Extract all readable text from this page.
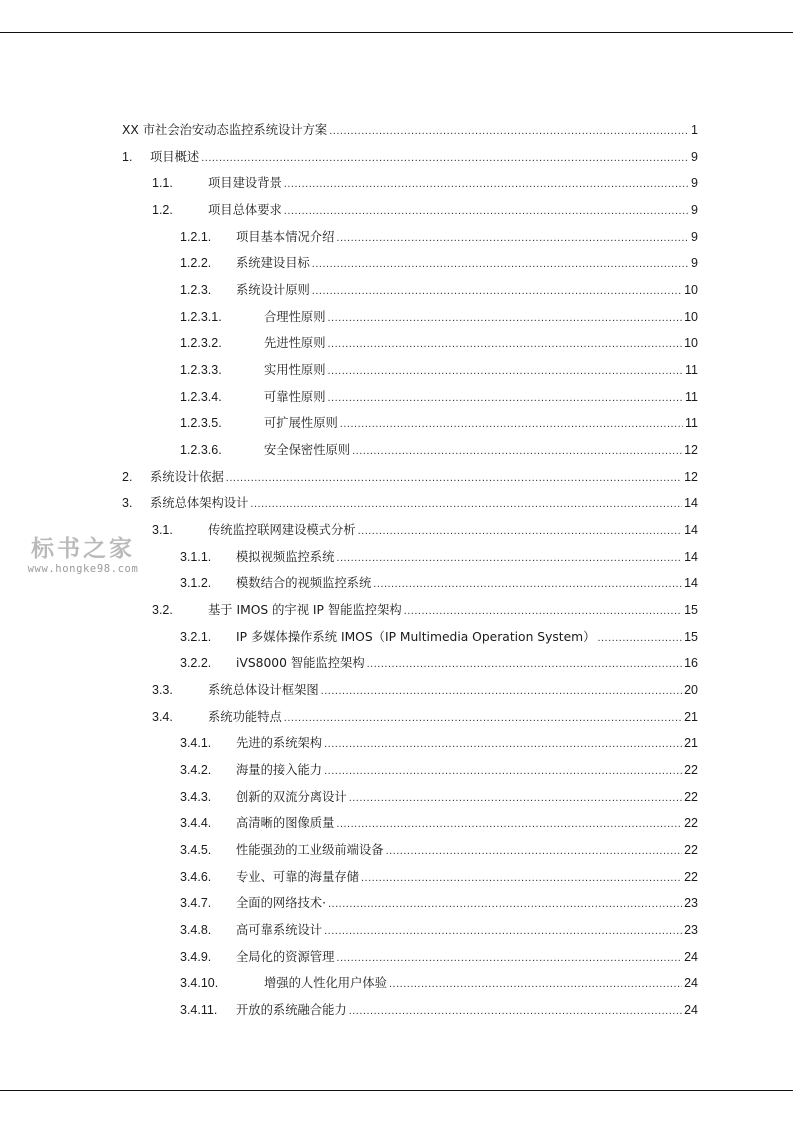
XX 市社会治安动态监控系统设计方案 .....	1
1.	项目概述 .....	9
1.1.	项目建设背景 .....	9
1.2.	项目总体要求 .....	9
1.2.1.	项目基本情况介绍 .....	9
1.2.2.	系统建设目标 .....	9
1.2.3.	系统设计原则 .....	10
1.2.3.1.	合理性原则 .....	10
1.2.3.2.	先进性原则 .....	10
1.2.3.3.	实用性原则 .....	11
1.2.3.4.	可靠性原则 .....	11
1.2.3.5.	可扩展性原则 .....	11
1.2.3.6.	安全保密性原则 .....	12
2.	系统设计依据 .....	12
3.	系统总体架构设计 .....	14
3.1.	传统监控联网建设模式分析 .....	14
3.1.1.	模拟视频监控系统 .....	14
3.1.2.	模数结合的视频监控系统 .....	14
3.2.	基于 IMOS 的宇视 IP 智能监控架构 .....	15
3.2.1.	IP 多媒体操作系统 IMOS（IP Multimedia Operation System） .....	15
3.2.2.	iVS8000 智能监控架构 .....	16
3.3.	系统总体设计框架图 .....	20
3.4.	系统功能特点 .....	21
3.4.1.	先进的系统架构 .....	21
3.4.2.	海量的接入能力 .....	22
3.4.3.	创新的双流分离设计 .....	22
3.4.4.	高清晰的图像质量 .....	22
3.4.5.	性能强劲的工业级前端设备 .....	22
3.4.6.	专业、可靠的海量存储 .....	22
3.4.7.	全面的网络技术· .....	23
3.4.8.	高可靠系统设计 .....	23
3.4.9.	全局化的资源管理 .....	24
3.4.10.	增强的人性化用户体验 .....	24
3.4.11.	开放的系统融合能力 .....	24
标书之家
www.hongke98.com
